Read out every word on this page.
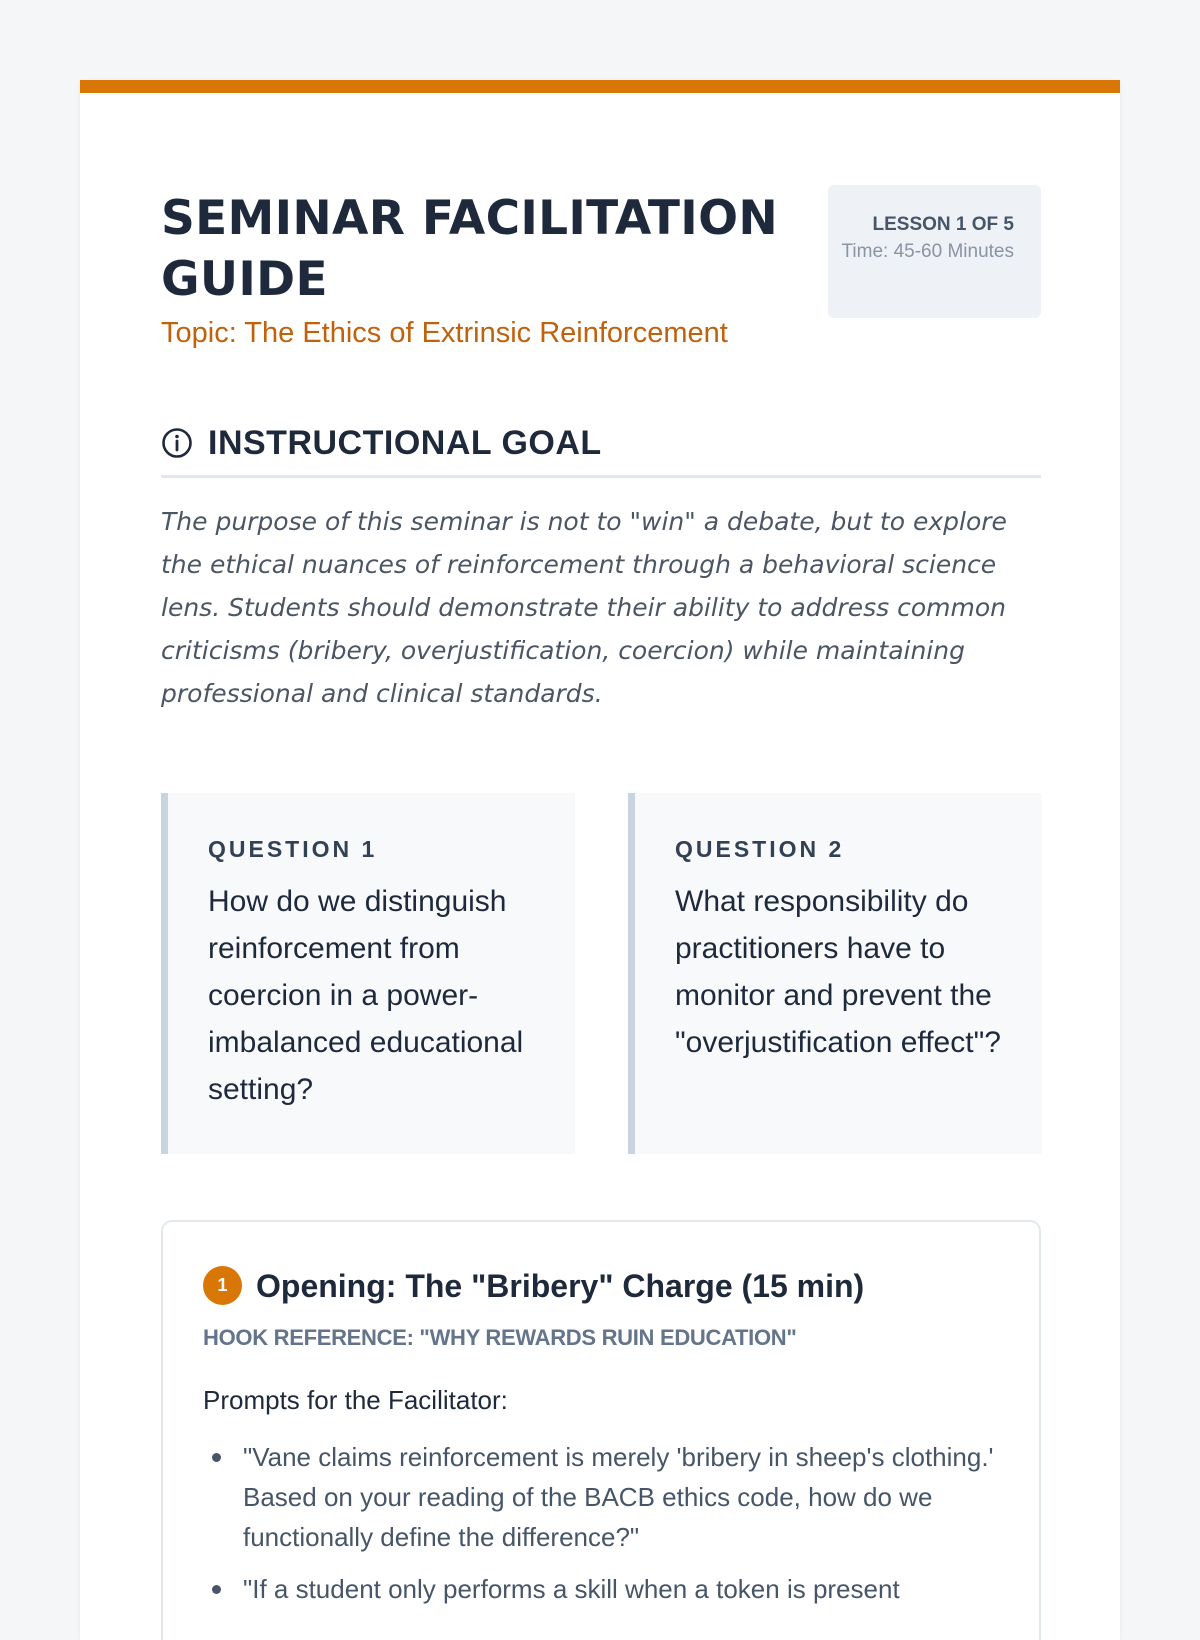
SEMINAR FACILITATION GUIDE
Topic: The Ethics of Extrinsic Reinforcement
LESSON 1 OF 5
Time: 45-60 Minutes
INSTRUCTIONAL GOAL

The purpose of this seminar is not to "win" a debate, but to explore the ethical nuances of reinforcement through a behavioral science lens. Students should demonstrate their ability to address common criticisms (bribery, overjustification, coercion) while maintaining professional and clinical standards.

QUESTION 1
How do we distinguish reinforcement from coercion in a power-imbalanced educational setting?
QUESTION 2
What responsibility do practitioners have to monitor and prevent the "overjustification effect"?
1 Opening: The "Bribery" Charge (15 min)
HOOK REFERENCE: "WHY REWARDS RUIN EDUCATION"
Prompts for the Facilitator:
"Vane claims reinforcement is merely 'bribery in sheep's clothing.' Based on your reading of the BACB ethics code, how do we functionally define the difference?"
"If a student only performs a skill when a token is present
